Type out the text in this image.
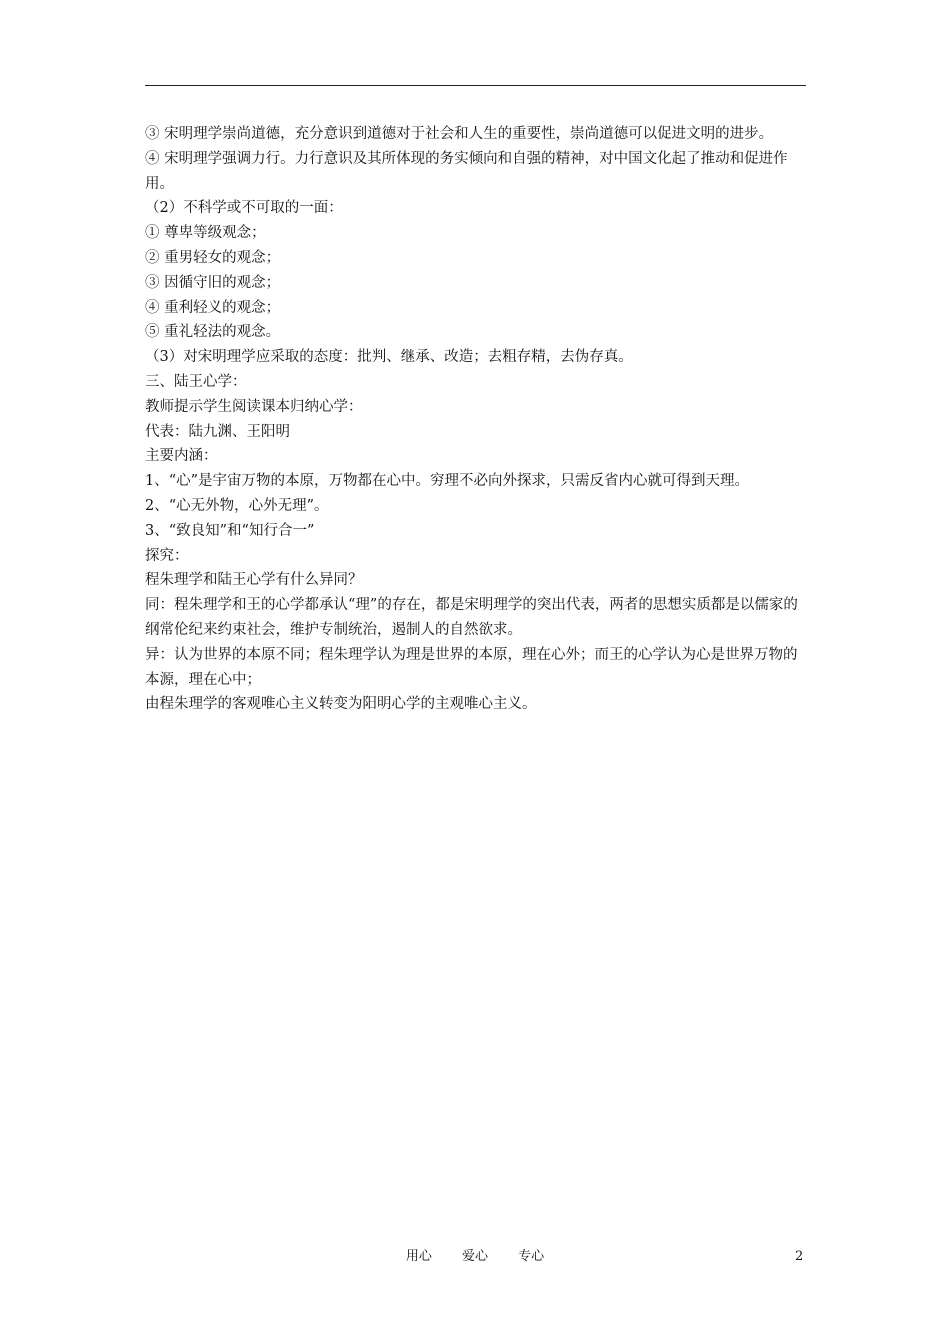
③ 宋明理学崇尚道德，充分意识到道德对于社会和人生的重要性，崇尚道德可以促进文明的进步。

④ 宋明理学强调力行。力行意识及其所体现的务实倾向和自强的精神，对中国文化起了推动和促进作用。

（2）不科学或不可取的一面：

① 尊卑等级观念；

② 重男轻女的观念；

③ 因循守旧的观念；

④ 重利轻义的观念；

⑤ 重礼轻法的观念。

（3）对宋明理学应采取的态度：批判、继承、改造；去粗存精，去伪存真。

三、陆王心学：

教师提示学生阅读课本归纳心学：

代表：陆九渊、王阳明

主要内涵：

1、“心”是宇宙万物的本原，万物都在心中。穷理不必向外探求，只需反省内心就可得到天理。

2、“心无外物，心外无理”。

3、“致良知”和“知行合一”

探究：

程朱理学和陆王心学有什么异同？

同：程朱理学和王的心学都承认“理”的存在，都是宋明理学的突出代表，两者的思想实质都是以儒家的纲常伦纪来约束社会，维护专制统治，遏制人的自然欲求。

异：认为世界的本原不同；程朱理学认为理是世界的本原，理在心外；而王的心学认为心是世界万物的本源，理在心中；

由程朱理学的客观唯心主义转变为阳明心学的主观唯心主义。

用心 爱心 专心	2
